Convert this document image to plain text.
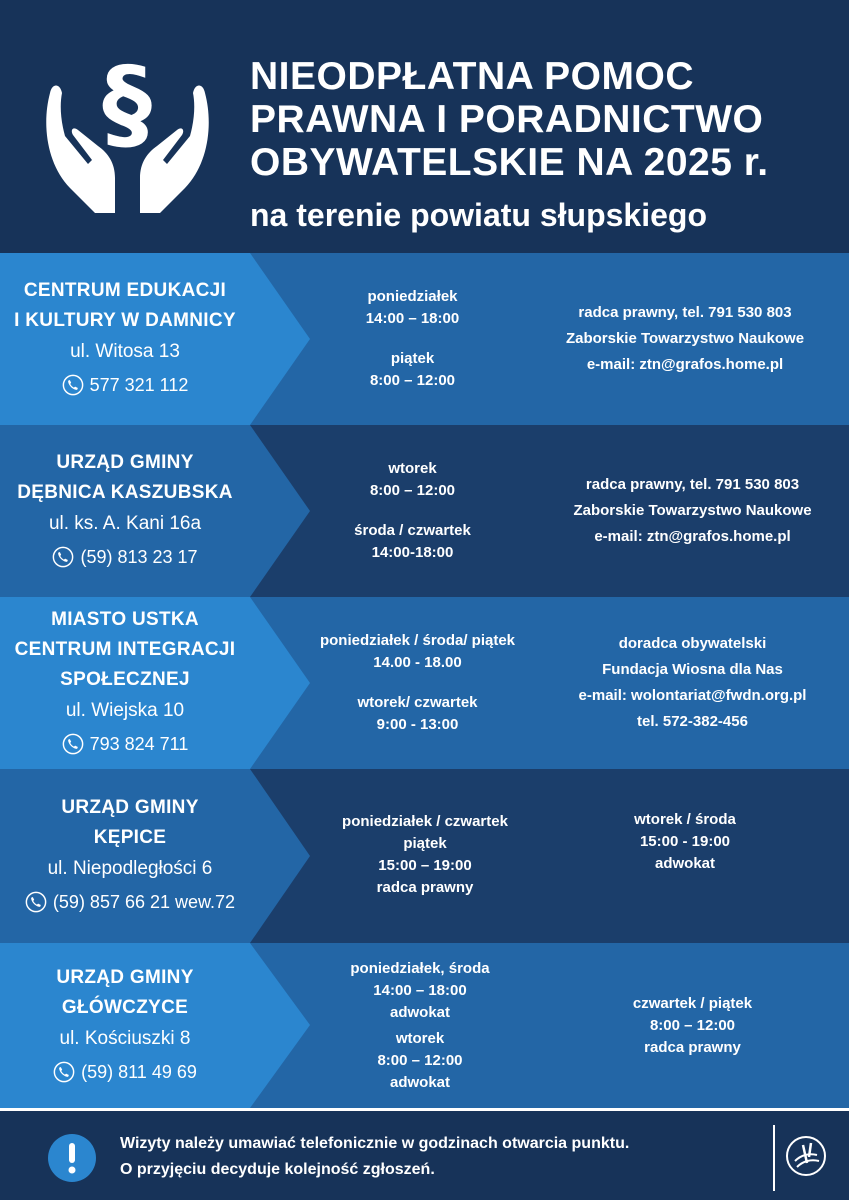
§	NIEODPŁATNA POMOC
PRAWNA I PORADNICTWO
OBYWATELSKIE NA 2025 r.
na terenie powiatu słupskiego
CENTRUM EDUKACJI
I KULTURY W DAMNICY
ul. Witosa 13
577 321 112
poniedziałek
14:00 – 18:00
piątek
8:00 – 12:00
radca prawny, tel. 791 530 803
Zaborskie Towarzystwo Naukowe
e-mail: ztn@grafos.home.pl
URZĄD GMINY
DĘBNICA KASZUBSKA
ul. ks. A. Kani 16a
(59) 813 23 17
wtorek
8:00 – 12:00
środa / czwartek
14:00-18:00
radca prawny, tel. 791 530 803
Zaborskie Towarzystwo Naukowe
e-mail: ztn@grafos.home.pl
MIASTO USTKA
CENTRUM INTEGRACJI
SPOŁECZNEJ
ul. Wiejska 10
793 824 711
poniedziałek / środa/ piątek
14.00 - 18.00
wtorek/ czwartek
9:00 - 13:00
doradca obywatelski
Fundacja Wiosna dla Nas
e-mail: wolontariat@fwdn.org.pl
tel. 572-382-456
URZĄD GMINY
KĘPICE
ul. Niepodległości 6
(59) 857 66 21 wew.72
poniedziałek / czwartek
piątek
15:00 – 19:00
radca prawny
wtorek / środa
15:00 - 19:00
adwokat
URZĄD GMINY
GŁÓWCZYCE
ul. Kościuszki 8
(59) 811 49 69
poniedziałek, środa
14:00 – 18:00
adwokat
wtorek
8:00 – 12:00
adwokat
czwartek / piątek
8:00 – 12:00
radca prawny
Wizyty należy umawiać telefonicznie w godzinach otwarcia punktu.
O przyjęciu decyduje kolejność zgłoszeń.
